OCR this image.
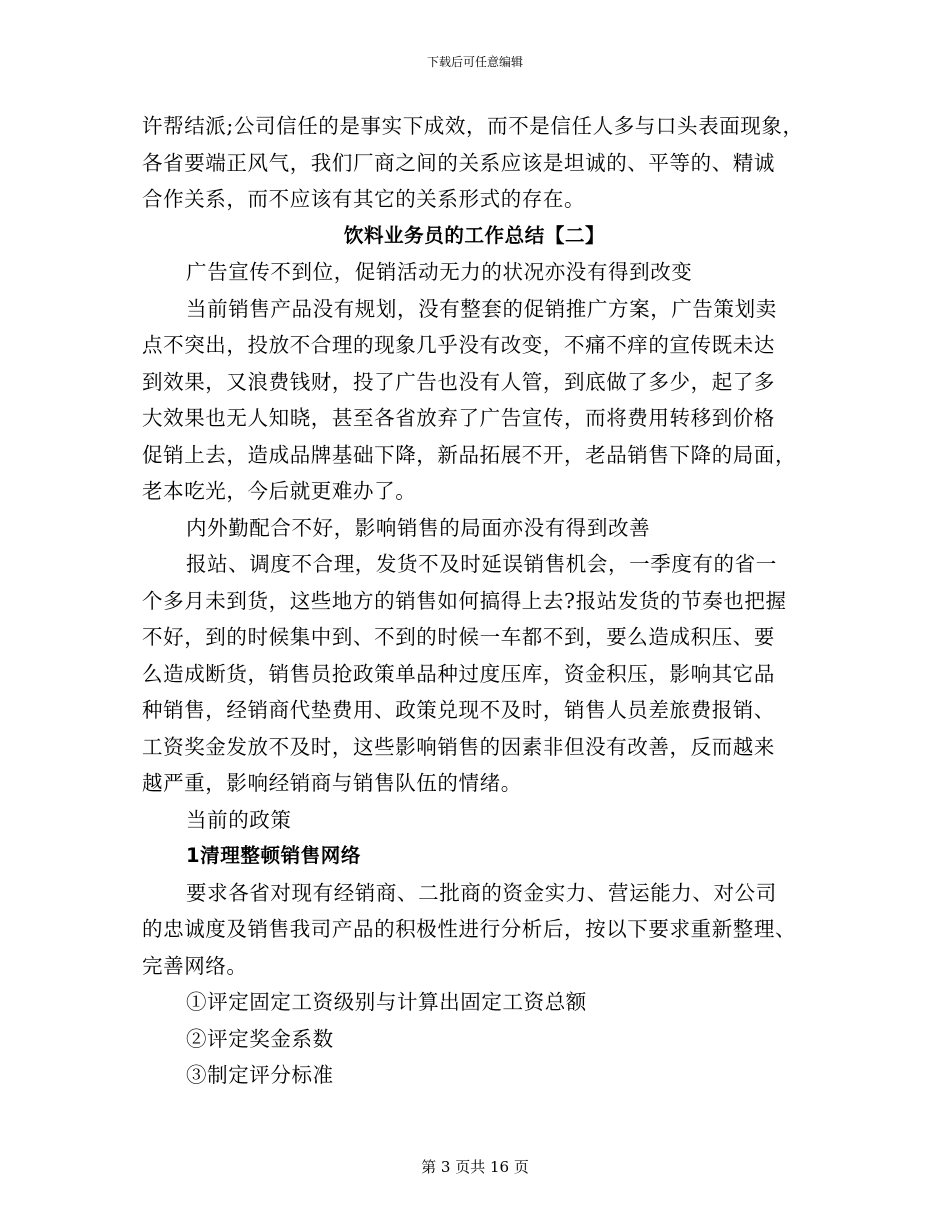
下载后可任意编辑
许帮结派;公司信任的是事实下成效，而不是信任人多与口头表面现象，
各省要端正风气，我们厂商之间的关系应该是坦诚的、平等的、精诚
合作关系，而不应该有其它的关系形式的存在。
饮料业务员的工作总结【二】
广告宣传不到位，促销活动无力的状况亦没有得到改变
当前销售产品没有规划，没有整套的促销推广方案，广告策划卖
点不突出，投放不合理的现象几乎没有改变，不痛不痒的宣传既未达
到效果，又浪费钱财，投了广告也没有人管，到底做了多少，起了多
大效果也无人知晓，甚至各省放弃了广告宣传，而将费用转移到价格
促销上去，造成品牌基础下降，新品拓展不开，老品销售下降的局面，
老本吃光，今后就更难办了。
内外勤配合不好，影响销售的局面亦没有得到改善
报站、调度不合理，发货不及时延误销售机会，一季度有的省一
个多月未到货，这些地方的销售如何搞得上去?报站发货的节奏也把握
不好，到的时候集中到、不到的时候一车都不到，要么造成积压、要
么造成断货，销售员抢政策单品种过度压库，资金积压，影响其它品
种销售，经销商代垫费用、政策兑现不及时，销售人员差旅费报销、
工资奖金发放不及时，这些影响销售的因素非但没有改善，反而越来
越严重，影响经销商与销售队伍的情绪。
当前的政策
1清理整顿销售网络
要求各省对现有经销商、二批商的资金实力、营运能力、对公司
的忠诚度及销售我司产品的积极性进行分析后，按以下要求重新整理、
完善网络。
①评定固定工资级别与计算出固定工资总额
②评定奖金系数
③制定评分标准
第 3 页共 16 页
